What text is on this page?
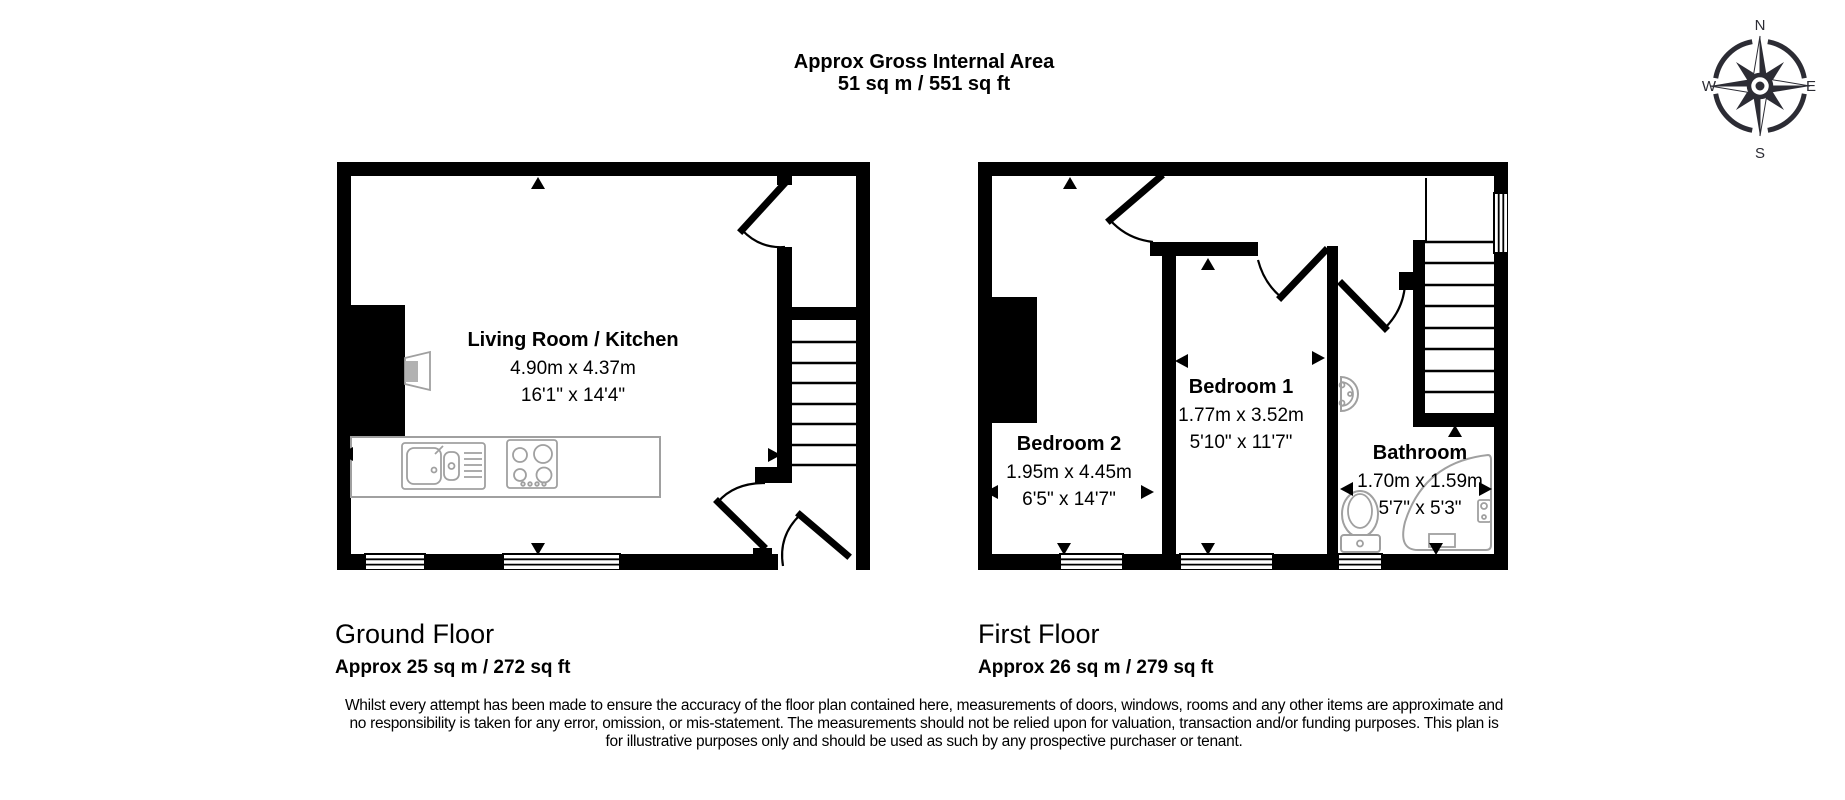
Approx Gross Internal Area
51 sq m / 551 sq ft
N
E
S
W
Living Room / Kitchen
4.90m x 4.37m
16'1" x 14'4"
Bedroom 2
1.95m x 4.45m
6'5" x 14'7"
Bedroom 1
1.77m x 3.52m
5'10" x 11'7"	Bathroom
1.70m x 1.59m
5'7" x 5'3"
Ground Floor
Approx 25 sq m / 272 sq ft
First Floor
Approx 26 sq m / 279 sq ft
Whilst every attempt has been made to ensure the accuracy of the floor plan contained here, measurements of doors, windows, rooms and any other items are approximate and no responsibility is taken for any error, omission, or mis-statement. The measurements should not be relied upon for valuation, transaction and/or funding purposes. This plan is for illustrative purposes only and should be used as such by any prospective purchaser or tenant.
